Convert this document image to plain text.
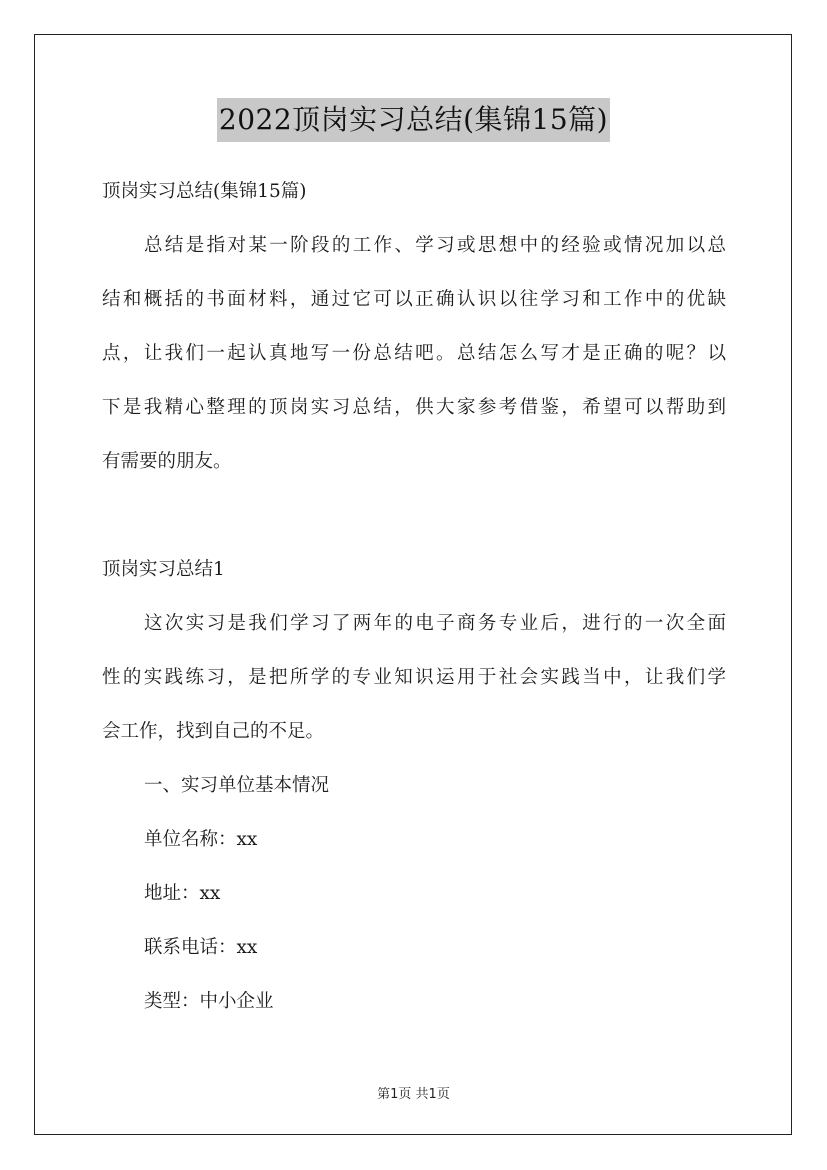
2022顶岗实习总结(集锦15篇)
顶岗实习总结(集锦15篇)
总结是指对某一阶段的工作、学习或思想中的经验或情况加以总
结和概括的书面材料，通过它可以正确认识以往学习和工作中的优缺
点，让我们一起认真地写一份总结吧。总结怎么写才是正确的呢？以
下是我精心整理的顶岗实习总结，供大家参考借鉴，希望可以帮助到
有需要的朋友。
顶岗实习总结1
这次实习是我们学习了两年的电子商务专业后，进行的一次全面
性的实践练习，是把所学的专业知识运用于社会实践当中，让我们学
会工作，找到自己的不足。
一、实习单位基本情况
单位名称：xx
地址：xx
联系电话：xx
类型：中小企业
第1页 共1页
